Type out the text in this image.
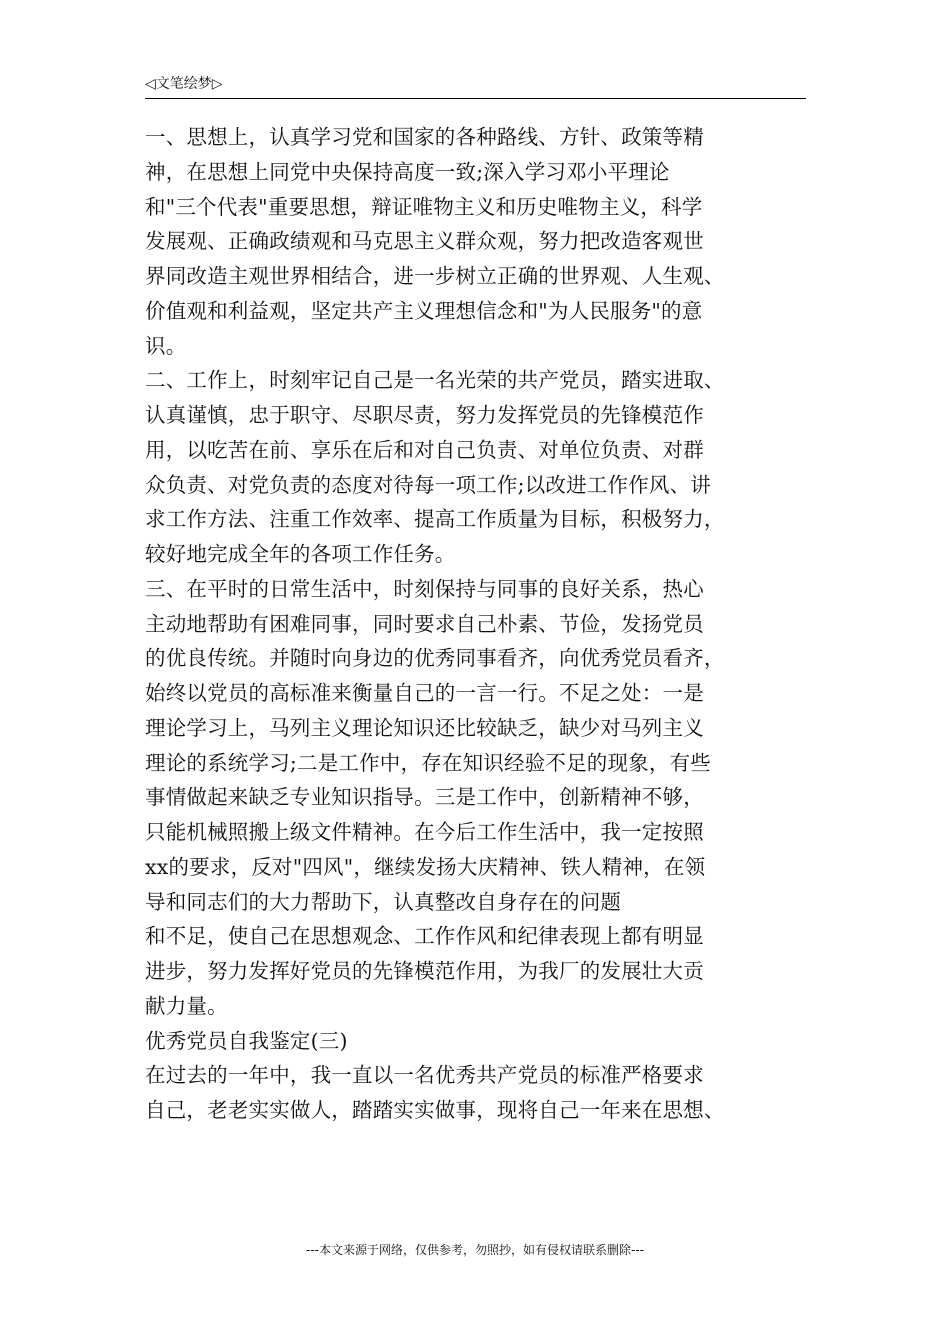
◁文笔绘梦▷
一、思想上，认真学习党和国家的各种路线、方针、政策等精
神，在思想上同党中央保持高度一致;深入学习邓小平理论
和"三个代表"重要思想，辩证唯物主义和历史唯物主义，科学
发展观、正确政绩观和马克思主义群众观，努力把改造客观世
界同改造主观世界相结合，进一步树立正确的世界观、人生观、
价值观和利益观，坚定共产主义理想信念和"为人民服务"的意
识。
二、工作上，时刻牢记自己是一名光荣的共产党员，踏实进取、
认真谨慎，忠于职守、尽职尽责，努力发挥党员的先锋模范作
用，以吃苦在前、享乐在后和对自己负责、对单位负责、对群
众负责、对党负责的态度对待每一项工作;以改进工作作风、讲
求工作方法、注重工作效率、提高工作质量为目标，积极努力，
较好地完成全年的各项工作任务。
三、在平时的日常生活中，时刻保持与同事的良好关系，热心
主动地帮助有困难同事，同时要求自己朴素、节俭，发扬党员
的优良传统。并随时向身边的优秀同事看齐，向优秀党员看齐，
始终以党员的高标准来衡量自己的一言一行。不足之处：一是
理论学习上，马列主义理论知识还比较缺乏，缺少对马列主义
理论的系统学习;二是工作中，存在知识经验不足的现象，有些
事情做起来缺乏专业知识指导。三是工作中，创新精神不够，
只能机械照搬上级文件精神。在今后工作生活中，我一定按照
xx的要求，反对"四风"，继续发扬大庆精神、铁人精神，在领
导和同志们的大力帮助下，认真整改自身存在的问题
和不足，使自己在思想观念、工作作风和纪律表现上都有明显
进步，努力发挥好党员的先锋模范作用，为我厂的发展壮大贡
献力量。
优秀党员自我鉴定(三)
在过去的一年中，我一直以一名优秀共产党员的标准严格要求
自己，老老实实做人，踏踏实实做事，现将自己一年来在思想、
---本文来源于网络，仅供参考，勿照抄，如有侵权请联系删除---
